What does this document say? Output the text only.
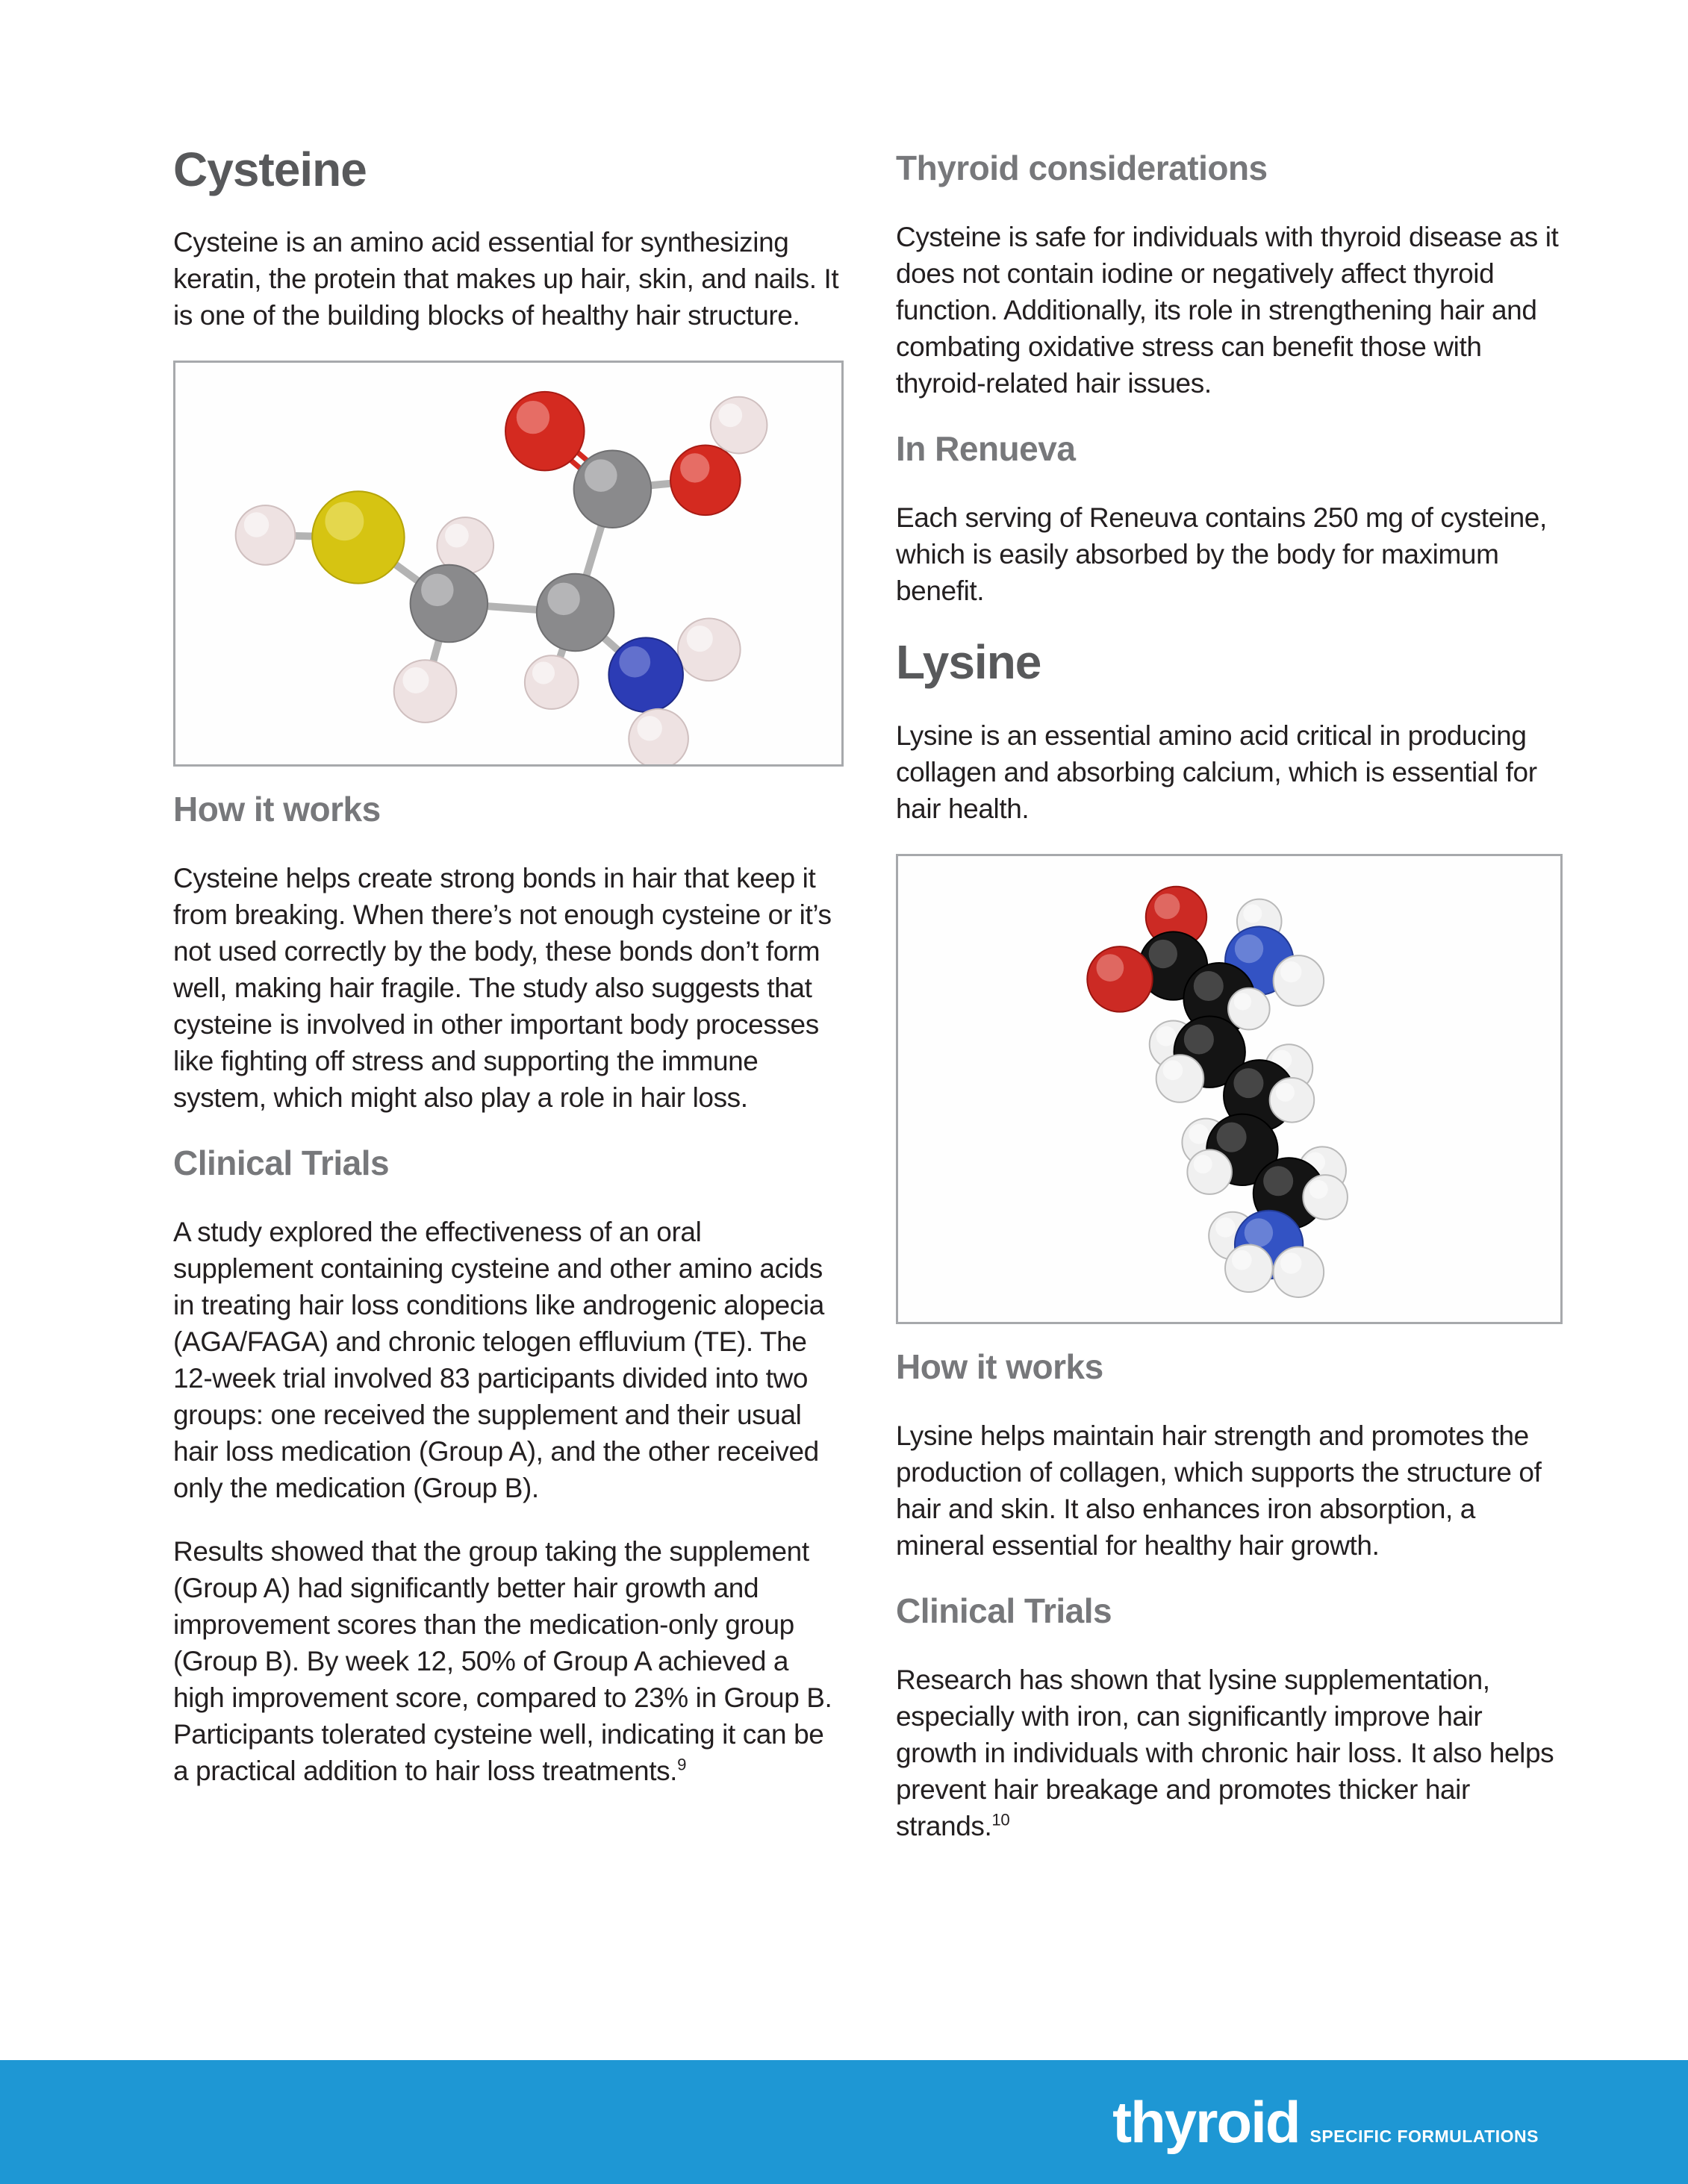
Cysteine

Cysteine is an amino acid essential for synthesizing keratin, the protein that makes up hair, skin, and nails. It is one of the building blocks of healthy hair structure.

How it works

Cysteine helps create strong bonds in hair that keep it from breaking. When there’s not enough cysteine or it’s not used correctly by the body, these bonds don’t form well, making hair fragile. The study also suggests that cysteine is involved in other important body processes like fighting off stress and supporting the immune system, which might also play a role in hair loss.

Clinical Trials

A study explored the effectiveness of an oral supplement containing cysteine and other amino acids in treating hair loss conditions like androgenic alopecia (AGA/FAGA) and chronic telogen effluvium (TE). The 12-week trial involved 83 participants divided into two groups: one received the supplement and their usual hair loss medication (Group A), and the other received only the medication (Group B).

Results showed that the group taking the supplement (Group A) had significantly better hair growth and improvement scores than the medication-only group (Group B). By week 12, 50% of Group A achieved a high improvement score, compared to 23% in Group B. Participants tolerated cysteine well, indicating it can be a practical addition to hair loss treatments.$^9$

Thyroid considerations

Cysteine is safe for individuals with thyroid disease as it does not contain iodine or negatively affect thyroid function. Additionally, its role in strengthening hair and combating oxidative stress can benefit those with thyroid-related hair issues.

In Renueva

Each serving of Reneuva contains 250 mg of cysteine, which is easily absorbed by the body for maximum benefit.

Lysine

Lysine is an essential amino acid critical in producing collagen and absorbing calcium, which is essential for hair health.

How it works

Lysine helps maintain hair strength and promotes the production of collagen, which supports the structure of hair and skin. It also enhances iron absorption, a mineral essential for healthy hair growth.

Clinical Trials

Research has shown that lysine supplementation, especially with iron, can significantly improve hair growth in individuals with chronic hair loss. It also helps prevent hair breakage and promotes thicker hair strands.$^{10}$

thyroid SPECIFIC FORMULATIONS
